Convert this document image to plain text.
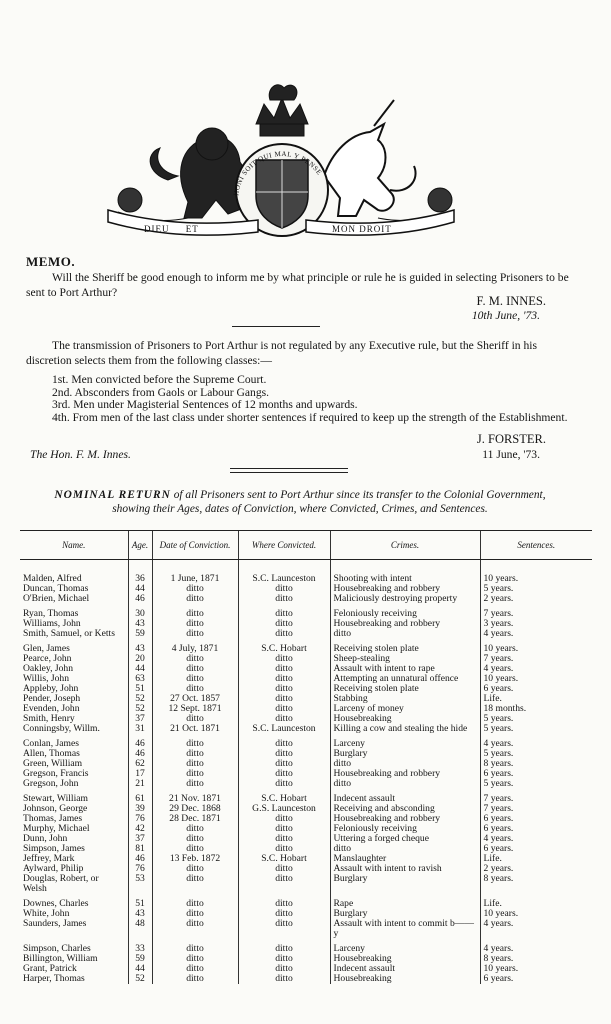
HONI SOIT QUI MAL Y PENSE
DIEU     ET	MON DROIT
MEMO.
Will the Sheriff be good enough to inform me by what principle or rule he is guided in selecting Prisoners to be sent to Port Arthur?
F. M. INNES.
10th June, '73.
The transmission of Prisoners to Port Arthur is not regulated by any Executive rule, but the Sheriff in his discretion selects them from the following classes:—
1st. Men convicted before the Supreme Court.
2nd. Absconders from Gaols or Labour Gangs.
3rd. Men under Magisterial Sentences of 12 months and upwards.
4th. From men of the last class under shorter sentences if required to keep up the strength of the Establishment.
J. FORSTER.
The Hon. F. M. Innes.	11 June, '73.
NOMINAL RETURN of all Prisoners sent to Port Arthur since its transfer to the Colonial Government, showing their Ages, dates of Conviction, where Convicted, Crimes, and Sentences.
Name.	Age.	Date of Conviction.	Where Convicted.	Crimes.	Sentences.

Malden, Alfred	36	1 June, 1871	S.C. Launceston	Shooting with intent	10 years.
Duncan, Thomas	44	ditto	ditto	Housebreaking and robbery	5 years.
O'Brien, Michael	46	ditto	ditto	Maliciously destroying property	2 years.

Ryan, Thomas	30	ditto	ditto	Feloniously receiving	7 years.
Williams, John	43	ditto	ditto	Housebreaking and robbery	3 years.
Smith, Samuel, or Ketts	59	ditto	ditto	ditto	4 years.

Glen, James	43	4 July, 1871	S.C. Hobart	Receiving stolen plate	10 years.
Pearce, John	20	ditto	ditto	Sheep-stealing	7 years.
Oakley, John	44	ditto	ditto	Assault with intent to rape	4 years.
Willis, John	63	ditto	ditto	Attempting an unnatural offence	10 years.
Appleby, John	51	ditto	ditto	Receiving stolen plate	6 years.
Pender, Joseph	52	27 Oct. 1857	ditto	Stabbing	Life.
Evenden, John	52	12 Sept. 1871	ditto	Larceny of money	18 months.
Smith, Henry	37	ditto	ditto	Housebreaking	5 years.
Conningsby, Willm.	31	21 Oct. 1871	S.C. Launceston	Killing a cow and stealing the hide	5 years.

Conlan, James	46	ditto	ditto	Larceny	4 years.
Allen, Thomas	46	ditto	ditto	Burglary	5 years.
Green, William	62	ditto	ditto	ditto	8 years.
Gregson, Francis	17	ditto	ditto	Housebreaking and robbery	6 years.
Gregson, John	21	ditto	ditto	ditto	5 years.

Stewart, William	61	21 Nov. 1871	S.C. Hobart	Indecent assault	7 years.
Johnson, George	39	29 Dec. 1868	G.S. Launceston	Receiving and absconding	7 years.
Thomas, James	76	28 Dec. 1871	ditto	Housebreaking and robbery	6 years.
Murphy, Michael	42	ditto	ditto	Feloniously receiving	6 years.
Dunn, John	37	ditto	ditto	Uttering a forged cheque	4 years.
Simpson, James	81	ditto	ditto	ditto	6 years.
Jeffrey, Mark	46	13 Feb. 1872	S.C. Hobart	Manslaughter	Life.
Aylward, Philip	76	ditto	ditto	Assault with intent to ravish	2 years.
Douglas, Robert, or Welsh	53	ditto	ditto	Burglary	8 years.

Downes, Charles	51	ditto	ditto	Rape	Life.
White, John	43	ditto	ditto	Burglary	10 years.
Saunders, James	48	ditto	ditto	Assault with intent to commit b——y	4 years.

Simpson, Charles	33	ditto	ditto	Larceny	4 years.
Billington, William	59	ditto	ditto	Housebreaking	8 years.
Grant, Patrick	44	ditto	ditto	Indecent assault	10 years.
Harper, Thomas	52	ditto	ditto	Housebreaking	6 years.
